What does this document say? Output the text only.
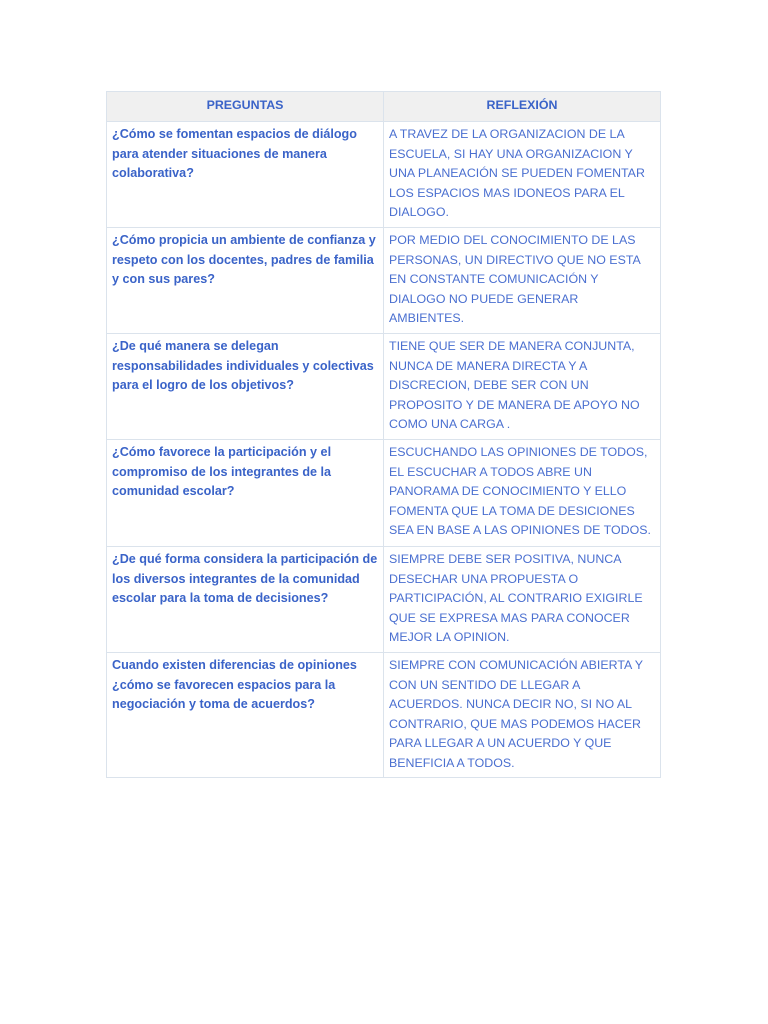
PREGUNTAS	REFLEXIÓN
¿Cómo se fomentan espacios de diálogo para atender situaciones de manera colaborativa?	A TRAVEZ DE LA ORGANIZACION DE LA ESCUELA, SI HAY UNA ORGANIZACION Y UNA PLANEACIÓN SE PUEDEN FOMENTAR LOS ESPACIOS MAS IDONEOS PARA EL DIALOGO.
¿Cómo propicia un ambiente de confianza y respeto con los docentes, padres de familia y con sus pares?	POR MEDIO DEL CONOCIMIENTO DE LAS PERSONAS, UN DIRECTIVO QUE NO ESTA EN CONSTANTE COMUNICACIÓN Y DIALOGO NO PUEDE GENERAR AMBIENTES.
¿De qué manera se delegan responsabilidades individuales y colectivas para el logro de los objetivos?	TIENE QUE SER DE MANERA CONJUNTA, NUNCA DE MANERA DIRECTA Y A DISCRECION, DEBE SER CON UN PROPOSITO Y DE MANERA DE APOYO NO COMO UNA CARGA .
¿Cómo favorece la participación y el compromiso de los integrantes de la comunidad escolar?	ESCUCHANDO LAS OPINIONES DE TODOS, EL ESCUCHAR A TODOS ABRE UN PANORAMA DE CONOCIMIENTO Y ELLO FOMENTA QUE LA TOMA DE DESICIONES SEA EN BASE A LAS OPINIONES DE TODOS.
¿De qué forma considera la participación de los diversos integrantes de la comunidad escolar para la toma de decisiones?	SIEMPRE DEBE SER POSITIVA, NUNCA DESECHAR UNA PROPUESTA O PARTICIPACIÓN, AL CONTRARIO EXIGIRLE QUE SE EXPRESA MAS PARA CONOCER MEJOR LA OPINION.
Cuando existen diferencias de opiniones ¿cómo se favorecen espacios para la negociación y toma de acuerdos?	SIEMPRE CON COMUNICACIÓN ABIERTA Y CON UN SENTIDO DE LLEGAR A ACUERDOS. NUNCA DECIR NO, SI NO AL CONTRARIO, QUE MAS PODEMOS HACER PARA LLEGAR A UN ACUERDO Y QUE BENEFICIA A TODOS.
